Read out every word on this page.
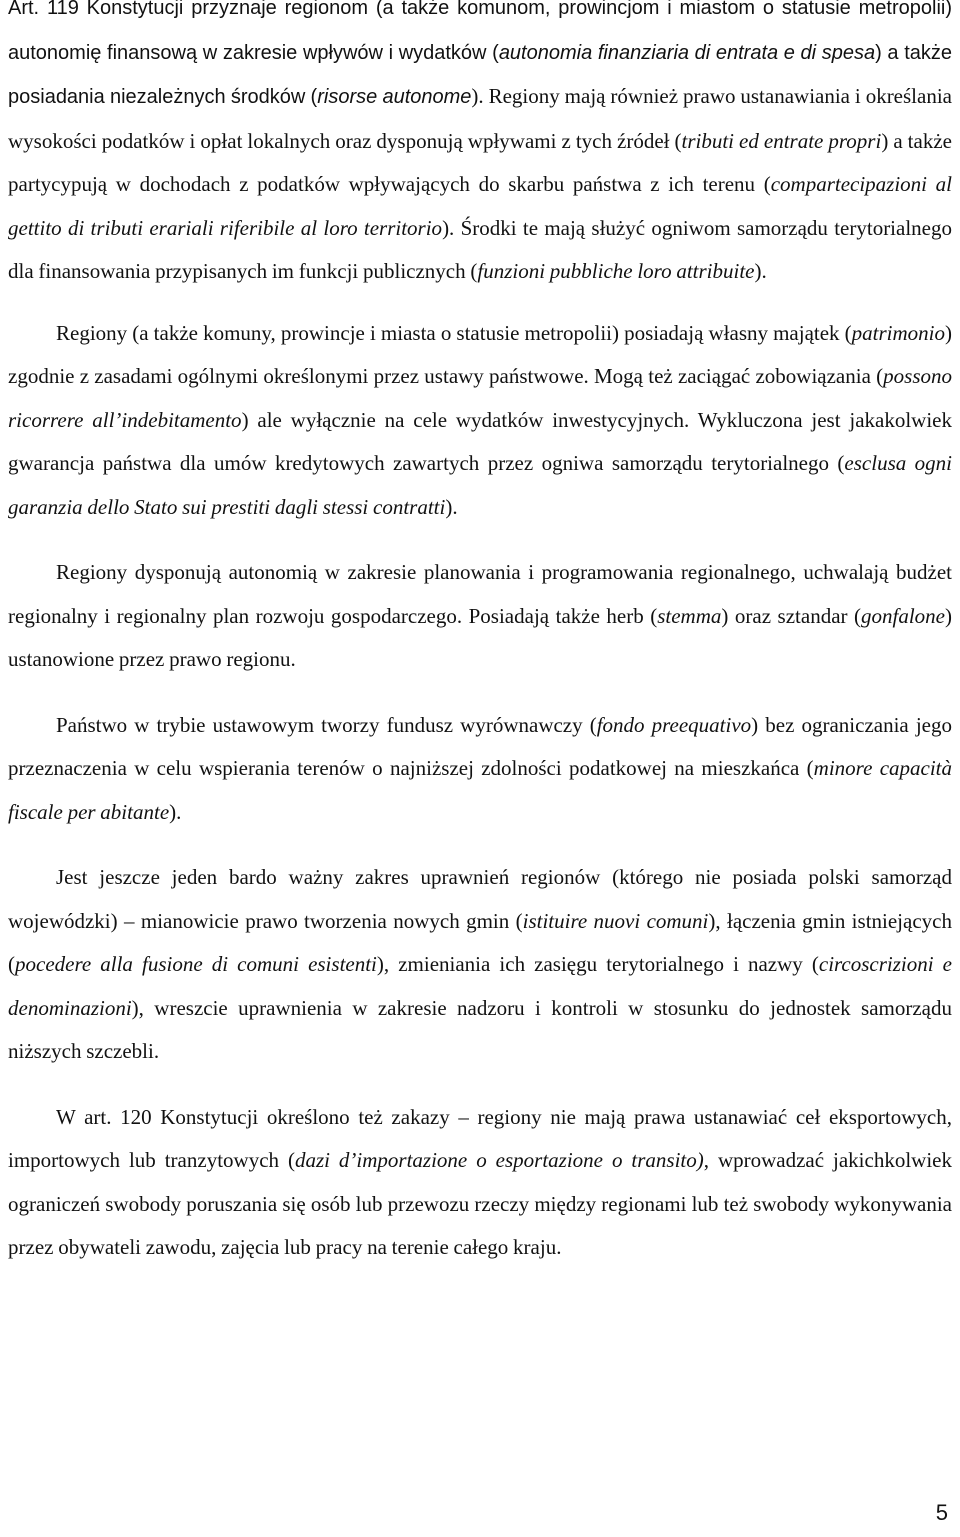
Art. 119 Konstytucji przyznaje regionom (a także komunom, prowincjom i miastom o statusie metropolii) autonomię finansową w zakresie wpływów i wydatków (autonomia finanziaria di entrata e di spesa) a także posiadania niezależnych środków (risorse autonome). Regiony mają również prawo ustanawiania i określania wysokości podatków i opłat lokalnych oraz dysponują wpływami z tych źródeł (tributi ed entrate propri) a także partycypują w dochodach z podatków wpływających do skarbu państwa z ich terenu (compartecipazioni al gettito di tributi erariali riferibile al loro territorio). Środki te mają służyć ogniwom samorządu terytorialnego dla finansowania przypisanych im funkcji publicznych (funzioni pubbliche loro attribuite).

Regiony (a także komuny, prowincje i miasta o statusie metropolii) posiadają własny majątek (patrimonio) zgodnie z zasadami ogólnymi określonymi przez ustawy państwowe. Mogą też zaciągać zobowiązania (possono ricorrere all’indebitamento) ale wyłącznie na cele wydatków inwestycyjnych. Wykluczona jest jakakolwiek gwarancja państwa dla umów kredytowych zawartych przez ogniwa samorządu terytorialnego (esclusa ogni garanzia dello Stato sui prestiti dagli stessi contratti).

Regiony dysponują autonomią w zakresie planowania i programowania regionalnego, uchwalają budżet regionalny i regionalny plan rozwoju gospodarczego. Posiadają także herb (stemma) oraz sztandar (gonfalone) ustanowione przez prawo regionu.

Państwo w trybie ustawowym tworzy fundusz wyrównawczy (fondo preequativo) bez ograniczania jego przeznaczenia w celu wspierania terenów o najniższej zdolności podatkowej na mieszkańca (minore capacità fiscale per abitante).

Jest jeszcze jeden bardo ważny zakres uprawnień regionów (którego nie posiada polski samorząd wojewódzki) – mianowicie prawo tworzenia nowych gmin (istituire nuovi comuni), łączenia gmin istniejących (pocedere alla fusione di comuni esistenti), zmieniania ich zasięgu terytorialnego i nazwy (circoscrizioni e denominazioni), wreszcie uprawnienia w zakresie nadzoru i kontroli w stosunku do jednostek samorządu niższych szczebli.

W art. 120 Konstytucji określono też zakazy – regiony nie mają prawa ustanawiać ceł eksportowych, importowych lub tranzytowych (dazi d’importazione o esportazione o transito), wprowadzać jakichkolwiek ograniczeń swobody poruszania się osób lub przewozu rzeczy między regionami lub też swobody wykonywania przez obywateli zawodu, zajęcia lub pracy na terenie całego kraju.

5
